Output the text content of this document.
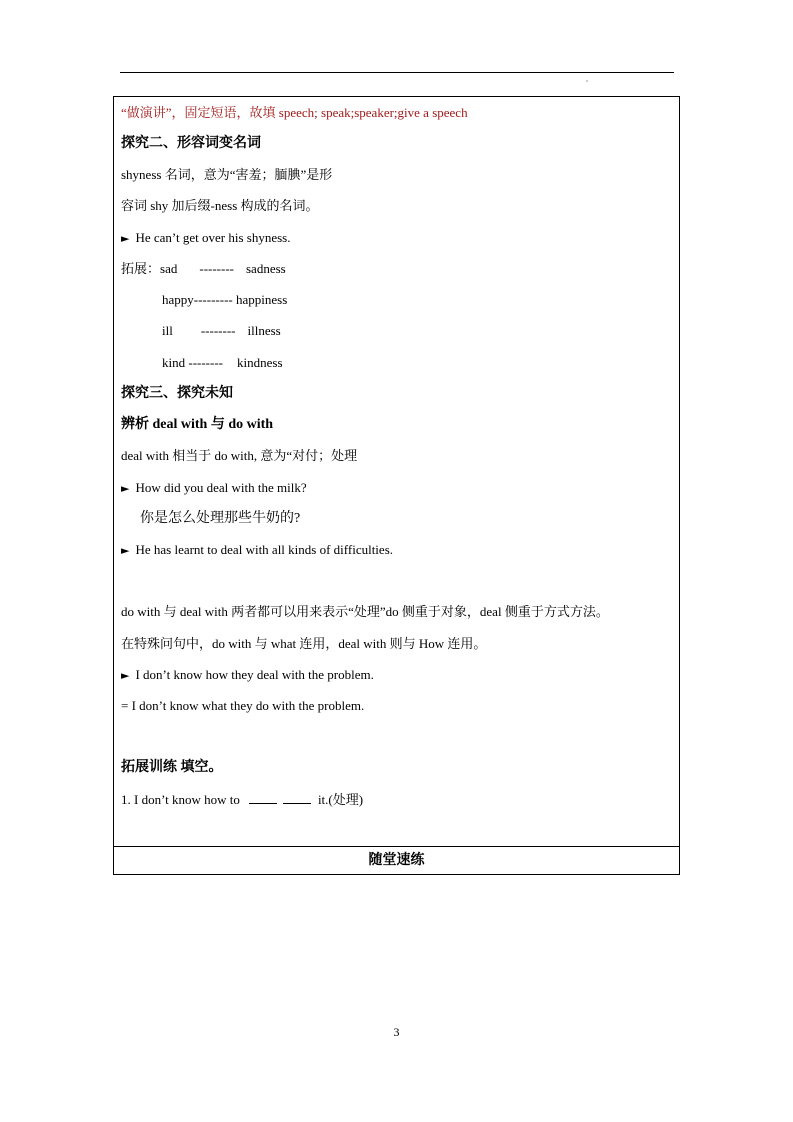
“做演讲”，固定短语，故填 speech; speak;speaker;give a speech
探究二、形容词变名词
shyness 名词，意为“害羞；腼腆”是形
容词 shy 加后缀-ness 构成的名词。
► He can’t get over his shyness.
拓展：sad -------- sadness
happy--------- happiness
ill -------- illness
kind -------- kindness
探究三、探究未知
辨析 deal with 与 do with
deal with 相当于 do with, 意为“对付；处理
► How did you deal with the milk?
你是怎么处理那些牛奶的?
► He has learnt to deal with all kinds of difficulties.
do with 与 deal with 两者都可以用来表示“处理”do 侧重于对象，deal 侧重于方式方法。
在特殊问句中，do with 与 what 连用，deal with 则与 How 连用。
► I don’t know how they deal with the problem.
= I don’t know what they do with the problem.
拓展训练 填空。
1. I don’t know how to	it.(处理)
随堂速练
3
